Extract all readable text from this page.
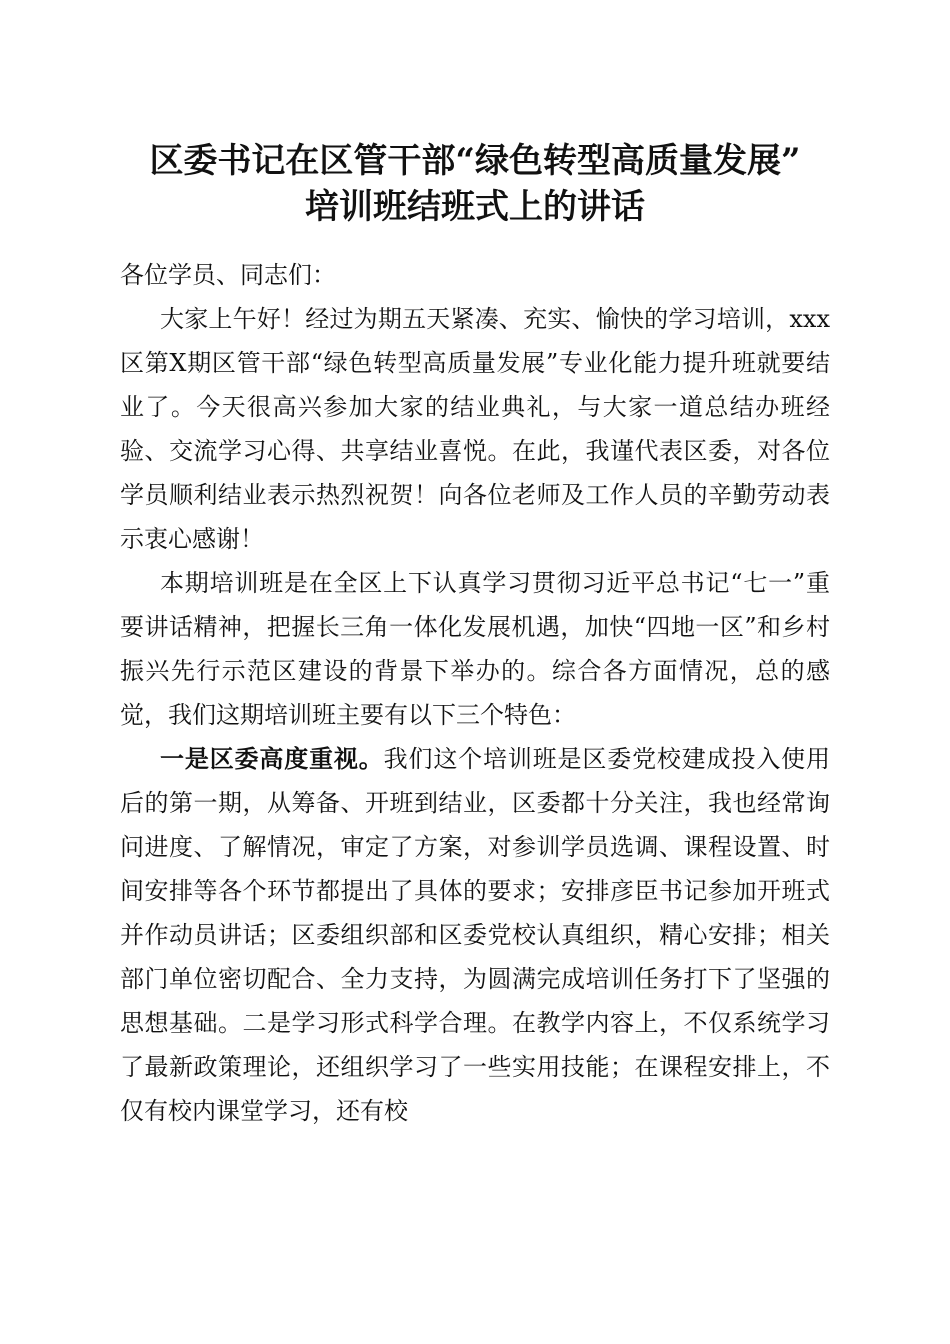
区委书记在区管干部“绿色转型高质量发展”
培训班结班式上的讲话

各位学员、同志们：

大家上午好！经过为期五天紧凑、充实、愉快的学习培训，xxx区第X期区管干部“绿色转型高质量发展”专业化能力提升班就要结业了。今天很高兴参加大家的结业典礼，与大家一道总结办班经验、交流学习心得、共享结业喜悦。在此，我谨代表区委，对各位学员顺利结业表示热烈祝贺！向各位老师及工作人员的辛勤劳动表示衷心感谢！

本期培训班是在全区上下认真学习贯彻习近平总书记“七一”重要讲话精神，把握长三角一体化发展机遇，加快“四地一区”和乡村振兴先行示范区建设的背景下举办的。综合各方面情况，总的感觉，我们这期培训班主要有以下三个特色：

一是区委高度重视。我们这个培训班是区委党校建成投入使用后的第一期，从筹备、开班到结业，区委都十分关注，我也经常询问进度、了解情况，审定了方案，对参训学员选调、课程设置、时间安排等各个环节都提出了具体的要求；安排彦臣书记参加开班式并作动员讲话；区委组织部和区委党校认真组织，精心安排；相关部门单位密切配合、全力支持，为圆满完成培训任务打下了坚强的思想基础。二是学习形式科学合理。在教学内容上，不仅系统学习了最新政策理论，还组织学习了一些实用技能；在课程安排上，不仅有校内课堂学习，还有校
